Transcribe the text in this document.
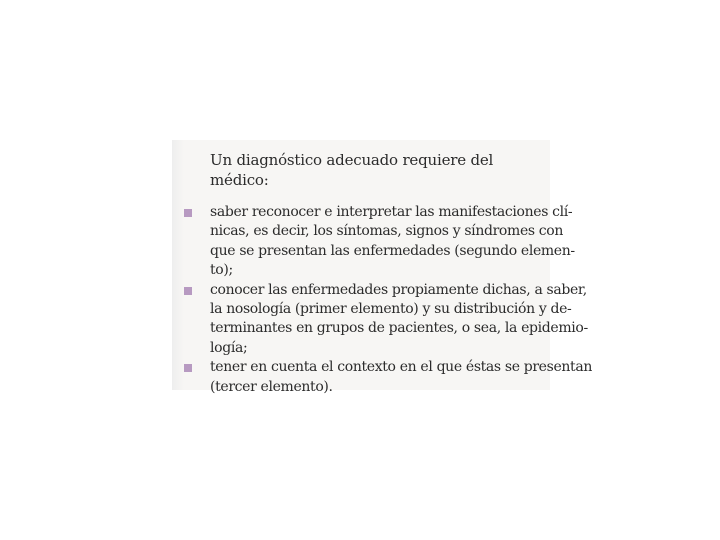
Un diagnóstico adecuado requiere del médico:

saber reconocer e interpretar las manifestaciones clí-
nicas, es decir, los síntomas, signos y síndromes con
que se presentan las enfermedades (segundo elemen-
to);
conocer las enfermedades propiamente dichas, a saber,
la nosología (primer elemento) y su distribución y de-
terminantes en grupos de pacientes, o sea, la epidemio-
logía;
tener en cuenta el contexto en el que éstas se presentan
(tercer elemento).
